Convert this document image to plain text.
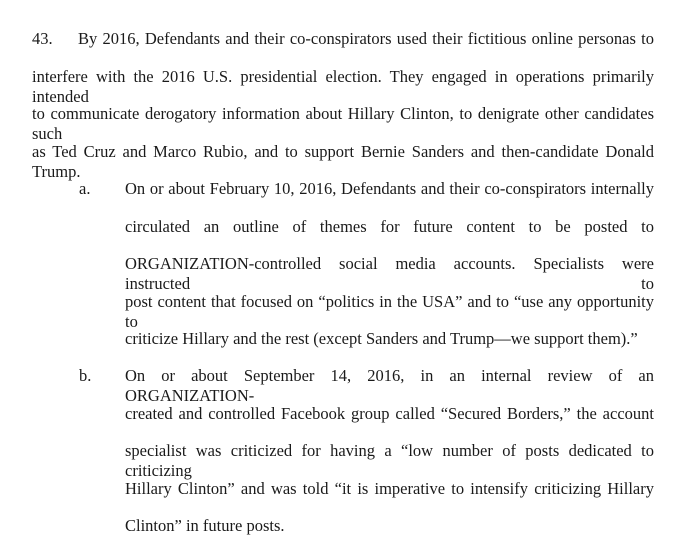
43. By 2016, Defendants and their co-conspirators used their fictitious online personas to
interfere with the 2016 U.S. presidential election. They engaged in operations primarily intended
to communicate derogatory information about Hillary Clinton, to denigrate other candidates such
as Ted Cruz and Marco Rubio, and to support Bernie Sanders and then-candidate Donald Trump.
a. On or about February 10, 2016, Defendants and their co-conspirators internally
circulated an outline of themes for future content to be posted to
ORGANIZATION-controlled social media accounts. Specialists were instructed to
post content that focused on “politics in the USA” and to “use any opportunity to
criticize Hillary and the rest (except Sanders and Trump—we support them).”
b. On or about September 14, 2016, in an internal review of an ORGANIZATION-
created and controlled Facebook group called “Secured Borders,” the account
specialist was criticized for having a “low number of posts dedicated to criticizing
Hillary Clinton” and was told “it is imperative to intensify criticizing Hillary
Clinton” in future posts.
